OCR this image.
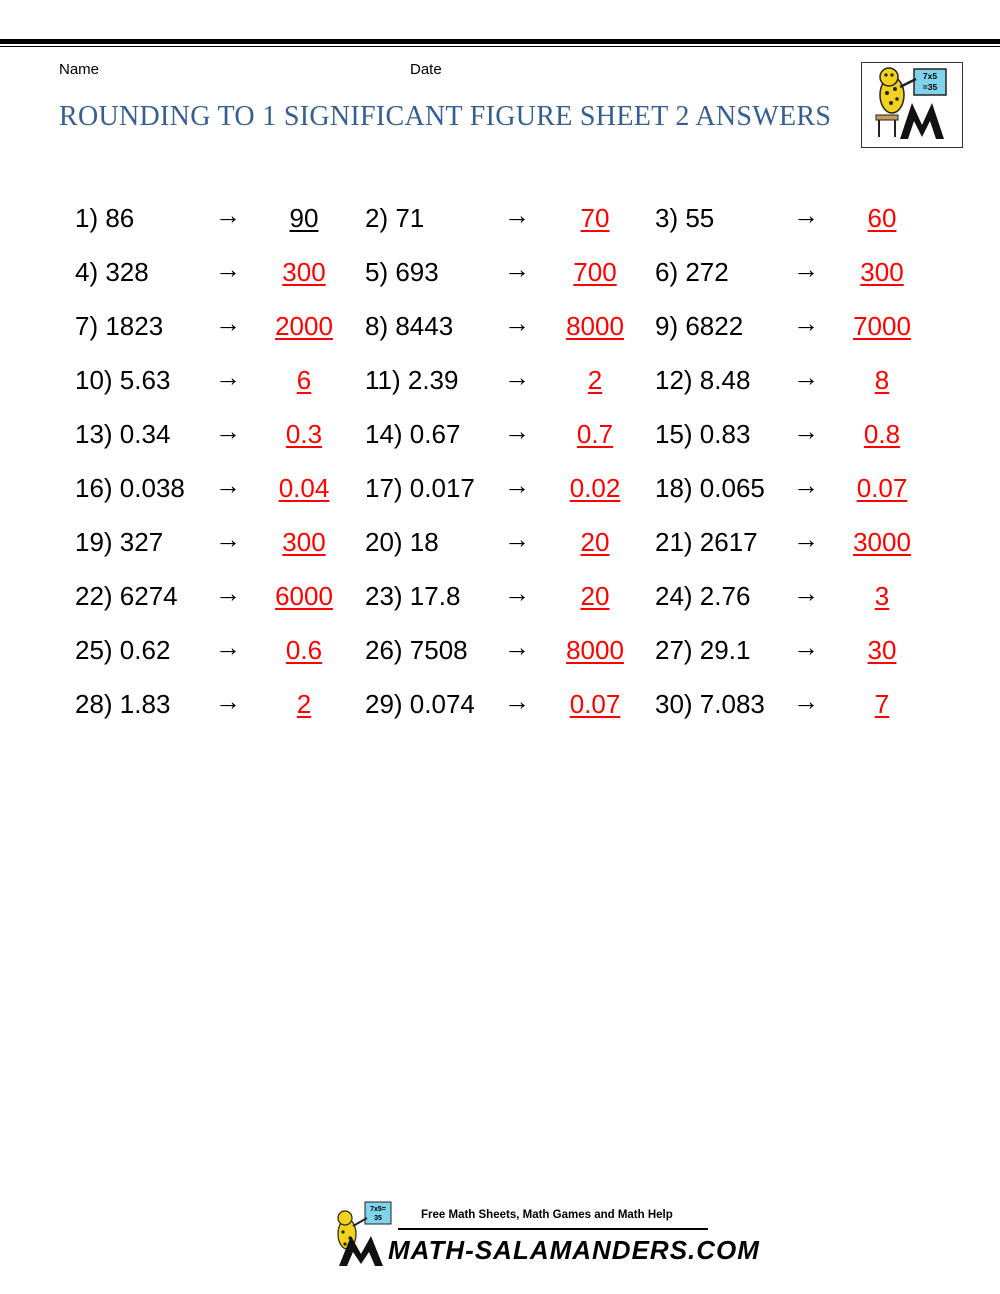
Name	Date
ROUNDING TO 1 SIGNIFICANT FIGURE SHEET 2 ANSWERS
7x5
=35
1) 86	→	90	2) 71	→	70	3) 55	→	60
4) 328	→	300	5) 693	→	700	6) 272 →	300
7) 1823 →	2000	8) 8443 →	8000	9) 6822 →	7000
10) 5.63 →	6	11) 2.39 →	2	12) 8.48 →	8
13) 0.34 →	0.3	14) 0.67 →	0.7	15) 0.83 →	0.8
16) 0.038 →	0.04	17) 0.017 →	0.02	18) 0.065 →	0.07
19) 327 →	300	20) 18	→	20	21) 2617 →	3000
22) 6274 →	6000	23) 17.8 →	20	24) 2.76 →	3
25) 0.62 →	0.6	26) 7508 →	8000	27) 29.1 →	30
28) 1.83 →	2	29) 0.074 →	0.07	30) 7.083 →	7
7x5=
35	Free Math Sheets, Math Games and Math Help
MATH-SALAMANDERS.COM
